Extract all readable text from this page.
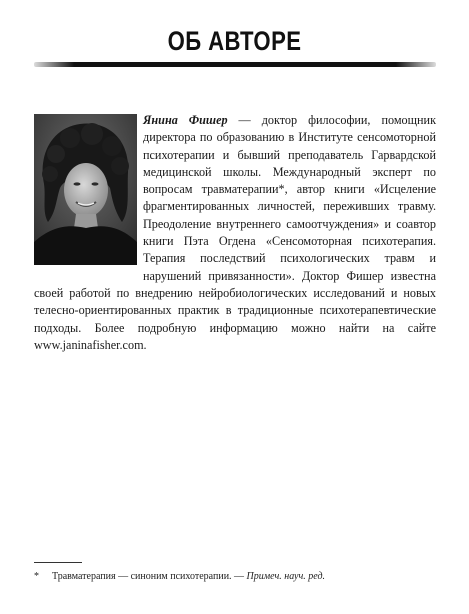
ОБ АВТОРЕ
Янина Фишер — доктор философии, помощник директора по образованию в Институте сенсомоторной психотерапии и бывший преподаватель Гарвардской медицинской школы. Международный эксперт по вопросам травматерапии*, автор книги «Исцеление фрагментированных личностей, переживших травму. Преодоление внутреннего самоотчуждения» и соавтор книги Пэта Огдена «Сенсомоторная психотерапия. Терапия последствий психологических травм и нарушений привязанности». Доктор Фишер известна своей работой по внедрению нейробиологических исследований и новых телесно-ориентированных практик в традиционные психотерапевтические подходы. Более подробную информацию можно найти на сайте www.janinafisher.com.
* Травматерапия — синоним психотерапии. — Примеч. науч. ред.
